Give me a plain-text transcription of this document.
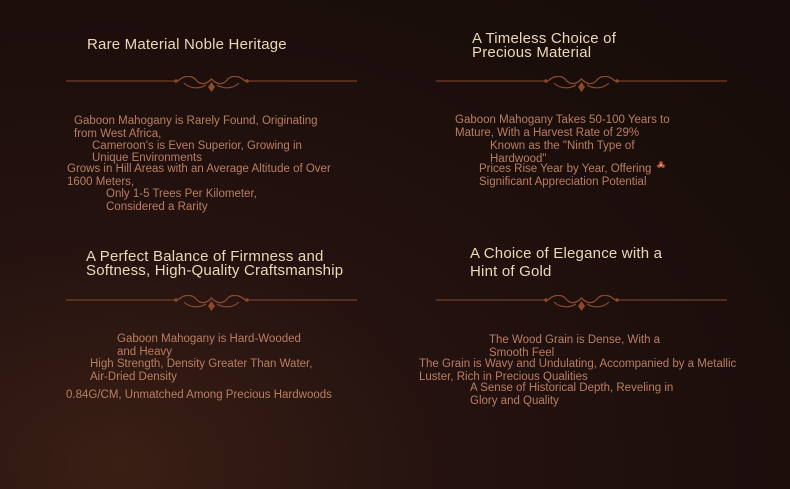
Rare Material Noble Heritage
Gaboon Mahogany is Rarely Found, Originating
from West Africa,
Cameroon's is Even Superior, Growing in
Unique Environments
Grows in Hill Areas with an Average Altitude of Over
1600 Meters,
Only 1-5 Trees Per Kilometer,
Considered a Rarity
A Timeless Choice of
Precious Material
Gaboon Mahogany Takes 50-100 Years to
Mature, With a Harvest Rate of 29%
Known as the "Ninth Type of
Hardwood"
Prices Rise Year by Year, Offering
Significant Appreciation Potential
A Perfect Balance of Firmness and
Softness, High-Quality Craftsmanship
Gaboon Mahogany is Hard-Wooded
and Heavy
High Strength, Density Greater Than Water,
Air-Dried Density
0.84G/CM, Unmatched Among Precious Hardwoods
A Choice of Elegance with a
Hint of Gold
The Wood Grain is Dense, With a
Smooth Feel
The Grain is Wavy and Undulating, Accompanied by a Metallic
Luster, Rich in Precious Qualities
A Sense of Historical Depth, Reveling in
Glory and Quality
